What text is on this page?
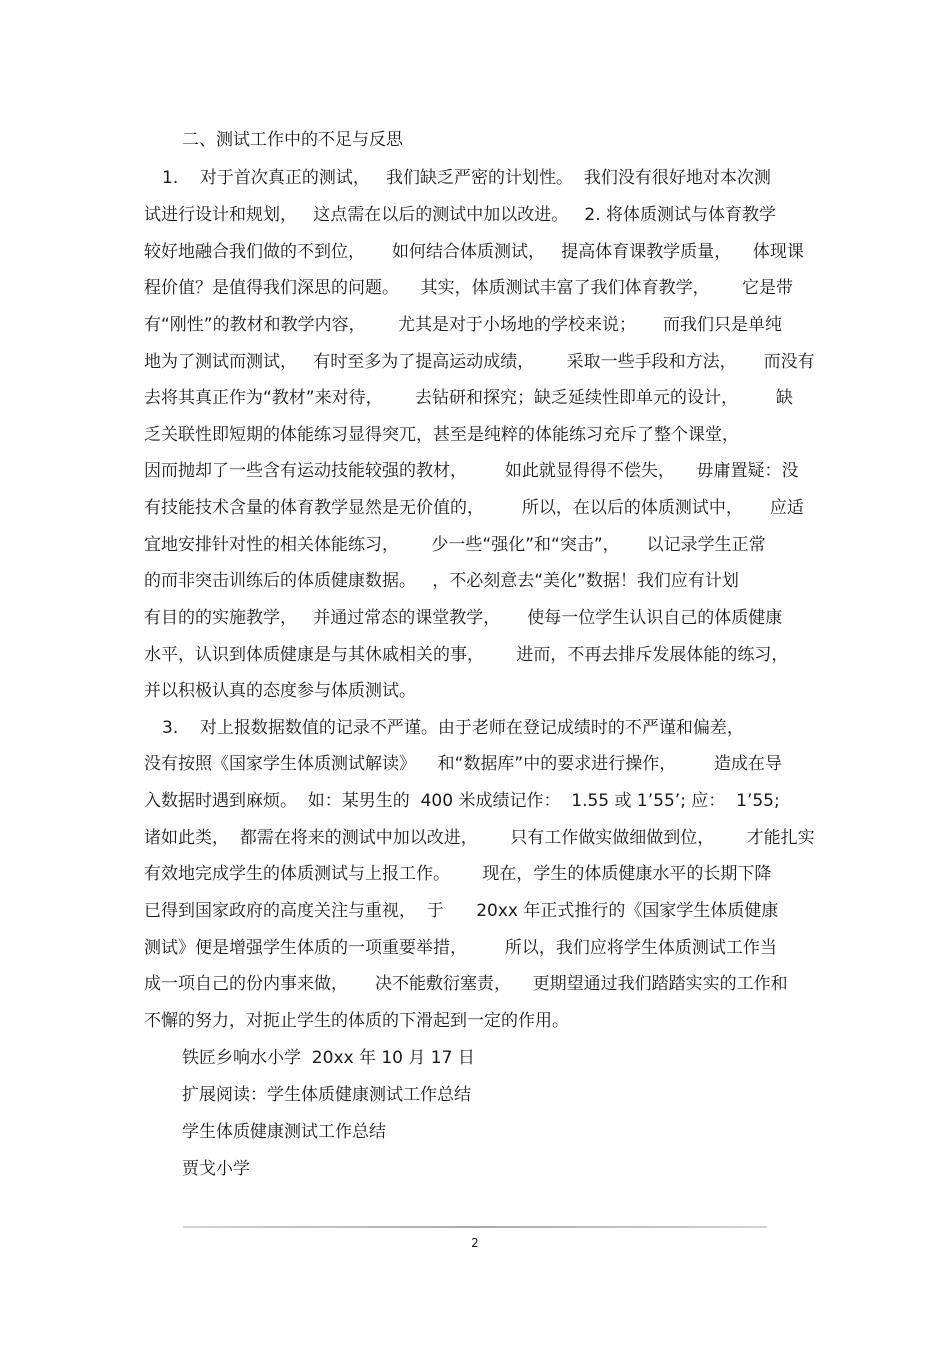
二、测试工作中的不足与反思

1.    对于首次真正的测试，   我们缺乏严密的计划性。  我们没有很好地对本次测

试进行设计和规划，   这点需在以后的测试中加以改进。   2. 将体质测试与体育教学

较好地融合我们做的不到位，     如何结合体质测试，   提高体育课教学质量，    体现课

程价值？是值得我们深思的问题。    其实，体质测试丰富了我们体育教学，      它是带

有“刚性”的教材和教学内容，      尤其是对于小场地的学校来说；     而我们只是单纯

地为了测试而测试，   有时至多为了提高运动成绩，      采取一些手段和方法，     而没有

去将其真正作为“教材”来对待，      去钻研和探究；缺乏延续性即单元的设计，       缺

乏关联性即短期的体能练习显得突兀，甚至是纯粹的体能练习充斥了整个课堂，

因而抛却了一些含有运动技能较强的教材，       如此就显得得不偿失，    毋庸置疑：没

有技能技术含量的体育教学显然是无价值的，       所以，在以后的体质测试中，     应适

宜地安排针对性的相关体能练习，      少一些“强化”和“突击”，     以记录学生正常

的而非突击训练后的体质健康数据。   ，不必刻意去“美化”数据！我们应有计划

有目的的实施教学，   并通过常态的课堂教学，     使每一位学生认识自己的体质健康

水平，认识到体质健康是与其休戚相关的事，      进而，不再去排斥发展体能的练习，

并以积极认真的态度参与体质测试。

3.    对上报数据数值的记录不严谨。由于老师在登记成绩时的不严谨和偏差，

没有按照《国家学生体质测试解读》    和“数据库”中的要求进行操作，       造成在导

入数据时遇到麻烦。  如：某男生的  400 米成绩记作：  1.55 或 1’55’; 应：  1’55;

诸如此类，  都需在将来的测试中加以改进，      只有工作做实做细做到位，      才能扎实

有效地完成学生的体质测试与上报工作。      现在，学生的体质健康水平的长期下降

已得到国家政府的高度关注与重视，  于      20xx 年正式推行的《国家学生体质健康

测试》便是增强学生体质的一项重要举措，       所以，我们应将学生体质测试工作当

成一项自己的份内事来做，     决不能敷衍塞责，    更期望通过我们踏踏实实的工作和

不懈的努力，对扼止学生的体质的下滑起到一定的作用。

铁匠乡响水小学  20xx 年 10 月 17 日

扩展阅读：学生体质健康测试工作总结

学生体质健康测试工作总结

贾戈小学

2
